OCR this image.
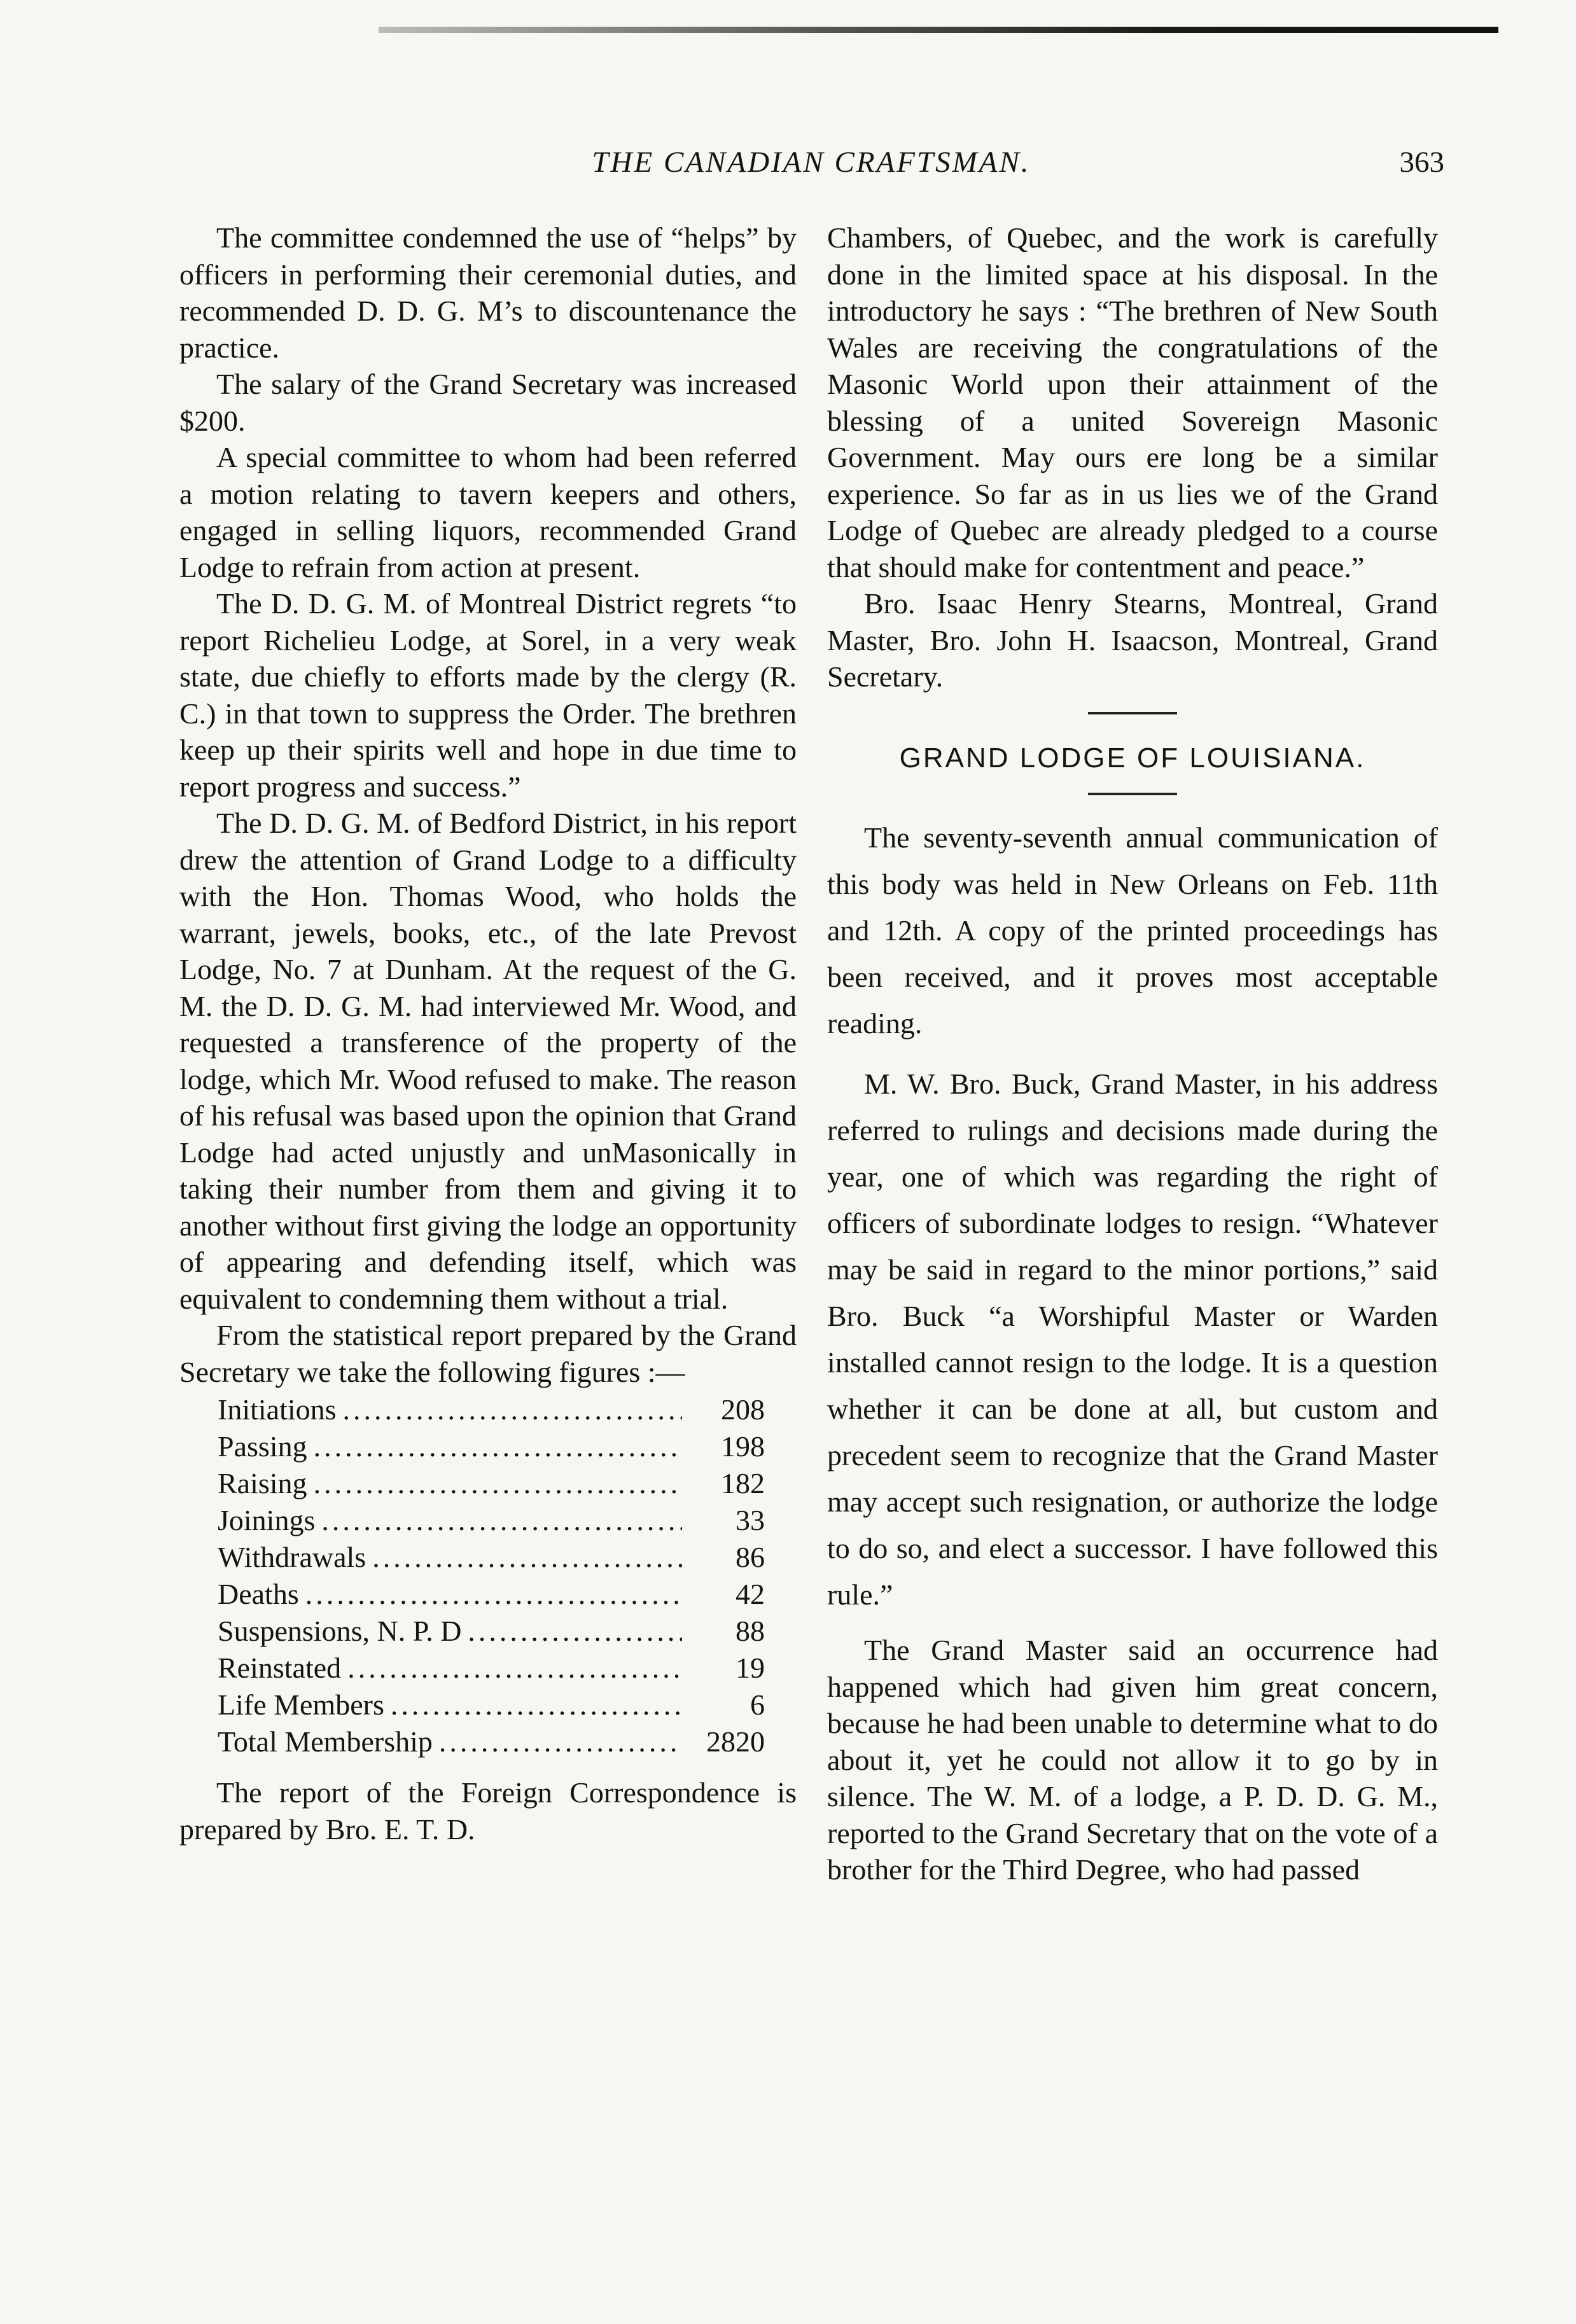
THE CANADIAN CRAFTSMAN.	363

The committee condemned the use of “helps” by officers in performing their ceremonial duties, and recommended D. D. G. M’s to discountenance the practice.

The salary of the Grand Secretary was increased $200.

A special committee to whom had been referred a motion relating to tavern keepers and others, engaged in selling liquors, recommended Grand Lodge to refrain from action at present.

The D. D. G. M. of Montreal District regrets “to report Richelieu Lodge, at Sorel, in a very weak state, due chiefly to efforts made by the clergy (R. C.) in that town to suppress the Order. The brethren keep up their spirits well and hope in due time to report progress and success.”

The D. D. G. M. of Bedford District, in his report drew the attention of Grand Lodge to a difficulty with the Hon. Thomas Wood, who holds the warrant, jewels, books, etc., of the late Prevost Lodge, No. 7 at Dunham. At the request of the G. M. the D. D. G. M. had interviewed Mr. Wood, and requested a transference of the property of the lodge, which Mr. Wood refused to make. The reason of his refusal was based upon the opinion that Grand Lodge had acted unjustly and unMasonically in taking their number from them and giving it to another without first giving the lodge an opportunity of appearing and defending itself, which was equivalent to condemning them without a trial.

From the statistical report prepared by the Grand Secretary we take the following figures :—

Initiations .....	208
Passing .....	198
Raising .....	182
Joinings .....	33
Withdrawals .....	86
Deaths .....	42
Suspensions, N. P. D .....	88
Reinstated .....	19
Life Members .....	6
Total Membership .....	2820

The report of the Foreign Correspondence is prepared by Bro. E. T. D.

Chambers, of Quebec, and the work is carefully done in the limited space at his disposal. In the introductory he says : “The brethren of New South Wales are receiving the congratulations of the Masonic World upon their attainment of the blessing of a united Sovereign Masonic Government. May ours ere long be a similar experience. So far as in us lies we of the Grand Lodge of Quebec are already pledged to a course that should make for contentment and peace.”

Bro. Isaac Henry Stearns, Montreal, Grand Master, Bro. John H. Isaacson, Montreal, Grand Secretary.

GRAND LODGE OF LOUISIANA.

The seventy-seventh annual communication of this body was held in New Orleans on Feb. 11th and 12th. A copy of the printed proceedings has been received, and it proves most acceptable reading.

M. W. Bro. Buck, Grand Master, in his address referred to rulings and decisions made during the year, one of which was regarding the right of officers of subordinate lodges to resign. “Whatever may be said in regard to the minor portions,” said Bro. Buck “a Worshipful Master or Warden installed cannot resign to the lodge. It is a question whether it can be done at all, but custom and precedent seem to recognize that the Grand Master may accept such resignation, or authorize the lodge to do so, and elect a successor. I have followed this rule.”

The Grand Master said an occurrence had happened which had given him great concern, because he had been unable to determine what to do about it, yet he could not allow it to go by in silence. The W. M. of a lodge, a P. D. D. G. M., reported to the Grand Secretary that on the vote of a brother for the Third Degree, who had passed
